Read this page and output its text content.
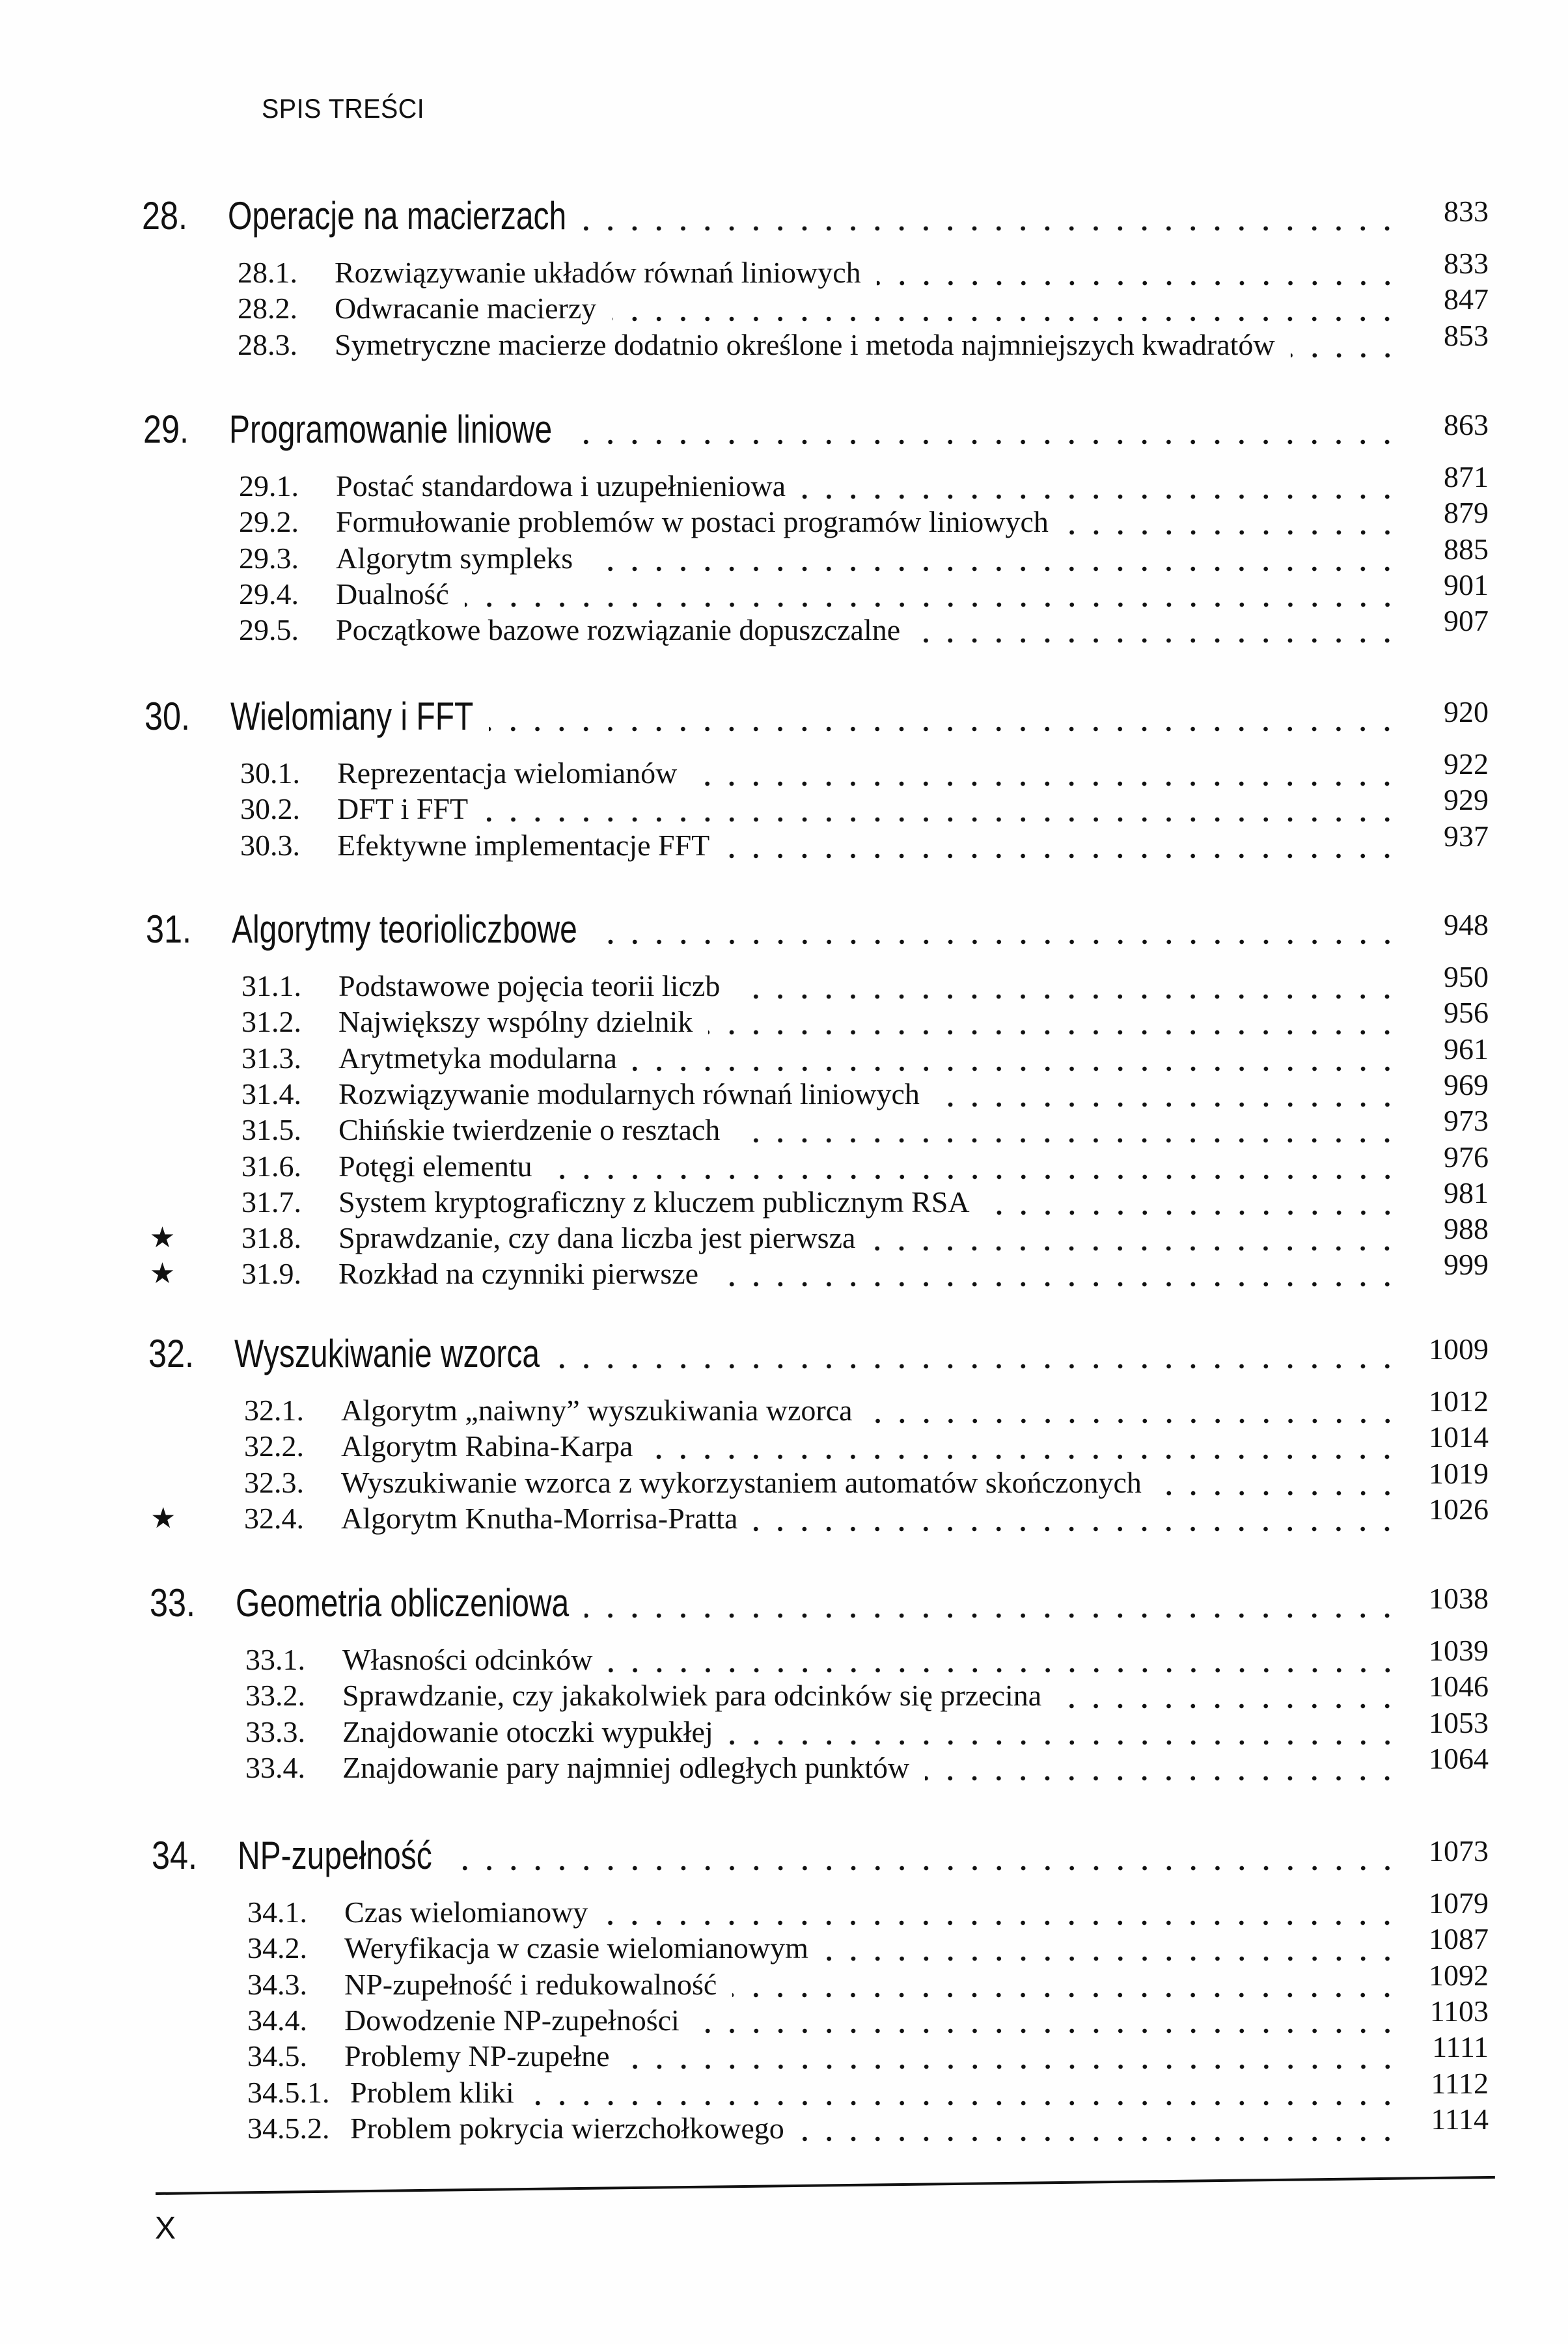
SPIS TREŚCI
28. Operacje na macierzach	833
28.1. Rozwiązywanie układów równań liniowych	833
28.2. Odwracanie macierzy	847
28.3. Symetryczne macierze dodatnio określone i metoda najmniejszych kwadratów	853
29. Programowanie liniowe	863
29.1. Postać standardowa i uzupełnieniowa	871
29.2. Formułowanie problemów w postaci programów liniowych	879
29.3. Algorytm sympleks	885
29.4. Dualność	901
29.5. Początkowe bazowe rozwiązanie dopuszczalne	907
30. Wielomiany i FFT	920
30.1. Reprezentacja wielomianów	922
30.2. DFT i FFT	929
30.3. Efektywne implementacje FFT	937
31. Algorytmy teorioliczbowe	948
31.1. Podstawowe pojęcia teorii liczb	950
31.2. Największy wspólny dzielnik	956
31.3. Arytmetyka modularna	961
31.4. Rozwiązywanie modularnych równań liniowych	969
31.5. Chińskie twierdzenie o resztach	973
31.6. Potęgi elementu	976
31.7. System kryptograficzny z kluczem publicznym RSA	981
★ 31.8. Sprawdzanie, czy dana liczba jest pierwsza	988
★ 31.9. Rozkład na czynniki pierwsze	999
32. Wyszukiwanie wzorca	1009
32.1. Algorytm „naiwny” wyszukiwania wzorca	1012
32.2. Algorytm Rabina-Karpa	1014
32.3. Wyszukiwanie wzorca z wykorzystaniem automatów skończonych	1019
★ 32.4. Algorytm Knutha-Morrisa-Pratta	1026
33. Geometria obliczeniowa	1038
33.1. Własności odcinków	1039
33.2. Sprawdzanie, czy jakakolwiek para odcinków się przecina	1046
33.3. Znajdowanie otoczki wypukłej	1053
33.4. Znajdowanie pary najmniej odległych punktów	1064
34. NP-zupełność	1073
34.1. Czas wielomianowy	1079
34.2. Weryfikacja w czasie wielomianowym	1087
34.3. NP-zupełność i redukowalność	1092
34.4. Dowodzenie NP-zupełności	1103
34.5. Problemy NP-zupełne	1111
34.5.1. Problem kliki	1112
34.5.2. Problem pokrycia wierzchołkowego	1114
X
